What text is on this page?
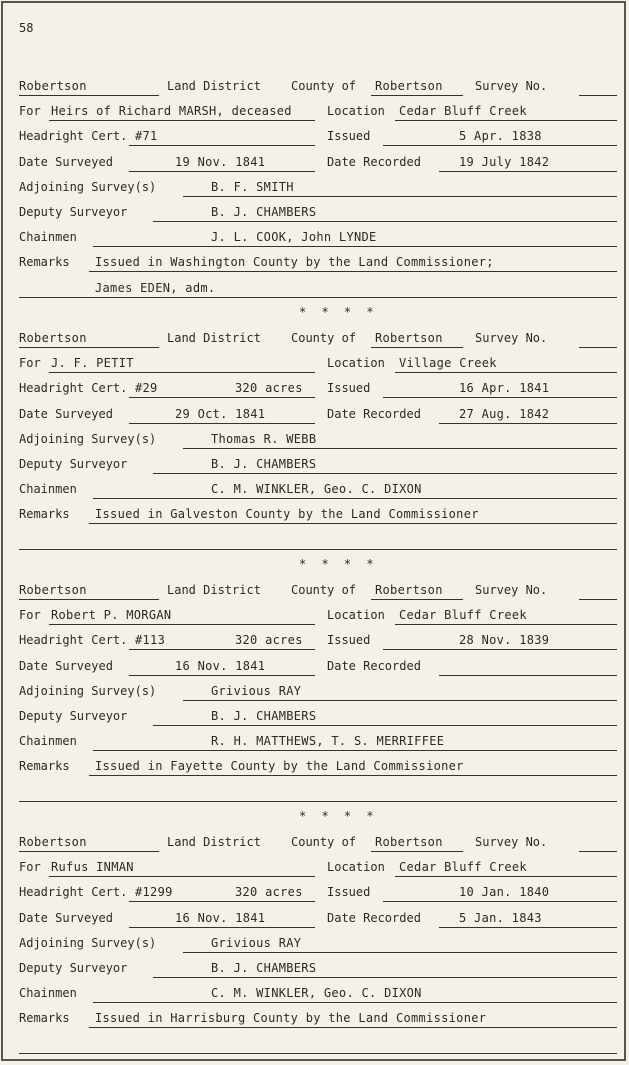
58
Robertson	Land District	County of Robertson	Survey No.
For Heirs of Richard MARSH, deceased	Location Cedar Bluff Creek
Headright Cert. #71	Issued	5 Apr. 1838
Date Surveyed	19 Nov. 1841	Date Recorded	19 July 1842
Adjoining Survey(s)	B. F. SMITH
Deputy Surveyor	B. J. CHAMBERS
Chainmen	J. L. COOK, John LYNDE
Remarks Issued in Washington County by the Land Commissioner;
James EDEN, adm.
* * * *
Robertson	Land District	County of Robertson	Survey No.
For J. F. PETIT	Location Village Creek
Headright Cert. #29	320 acres Issued	16 Apr. 1841
Date Surveyed	29 Oct. 1841	Date Recorded	27 Aug. 1842
Adjoining Survey(s)	Thomas R. WEBB
Deputy Surveyor	B. J. CHAMBERS
Chainmen	C. M. WINKLER, Geo. C. DIXON
Remarks Issued in Galveston County by the Land Commissioner
* * * *
Robertson	Land District	County of Robertson	Survey No.
For Robert P. MORGAN	Location Cedar Bluff Creek
Headright Cert. #113	320 acres Issued	28 Nov. 1839
Date Surveyed	16 Nov. 1841	Date Recorded
Adjoining Survey(s)	Grivious RAY
Deputy Surveyor	B. J. CHAMBERS
Chainmen	R. H. MATTHEWS, T. S. MERRIFFEE
Remarks Issued in Fayette County by the Land Commissioner
* * * *
Robertson	Land District	County of Robertson	Survey No.
For Rufus INMAN	Location Cedar Bluff Creek
Headright Cert. #1299	320 acres Issued	10 Jan. 1840
Date Surveyed	16 Nov. 1841	Date Recorded	5 Jan. 1843
Adjoining Survey(s)	Grivious RAY
Deputy Surveyor	B. J. CHAMBERS
Chainmen	C. M. WINKLER, Geo. C. DIXON
Remarks Issued in Harrisburg County by the Land Commissioner
